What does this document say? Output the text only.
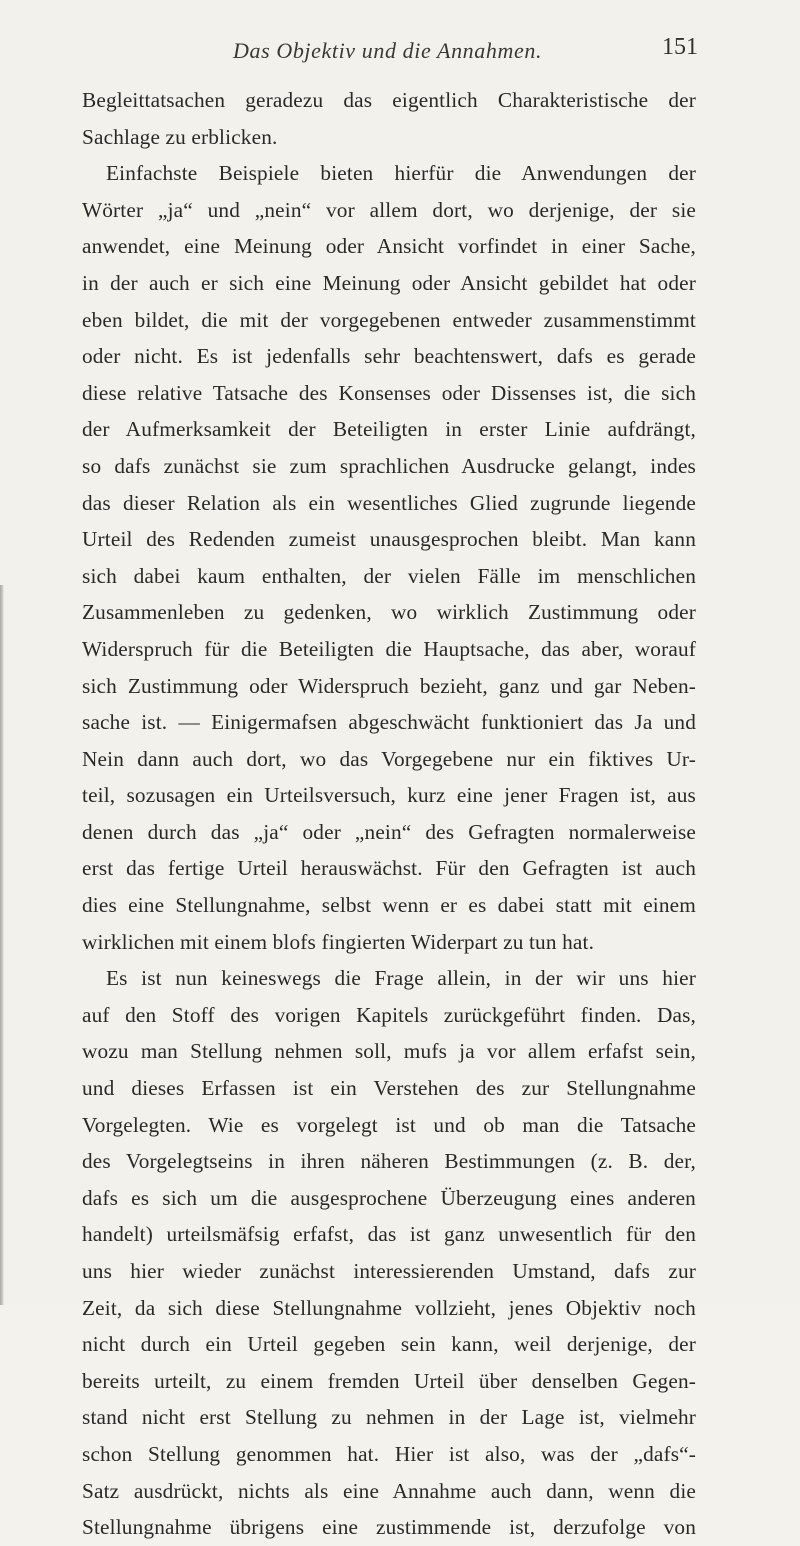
Das Objektiv und die Annahmen.	151
Begleittatsachen geradezu das eigentlich Charakteristische der
Sachlage zu erblicken.
Einfachste Beispiele bieten hierfür die Anwendungen der
Wörter „ja“ und „nein“ vor allem dort, wo derjenige, der sie
anwendet, eine Meinung oder Ansicht vorfindet in einer Sache,
in der auch er sich eine Meinung oder Ansicht gebildet hat oder
eben bildet, die mit der vorgegebenen entweder zusammenstimmt
oder nicht. Es ist jedenfalls sehr beachtenswert, dafs es gerade
diese relative Tatsache des Konsenses oder Dissenses ist, die sich
der Aufmerksamkeit der Beteiligten in erster Linie aufdrängt,
so dafs zunächst sie zum sprachlichen Ausdrucke gelangt, indes
das dieser Relation als ein wesentliches Glied zugrunde liegende
Urteil des Redenden zumeist unausgesprochen bleibt. Man kann
sich dabei kaum enthalten, der vielen Fälle im menschlichen
Zusammenleben zu gedenken, wo wirklich Zustimmung oder
Widerspruch für die Beteiligten die Hauptsache, das aber, worauf
sich Zustimmung oder Widerspruch bezieht, ganz und gar Neben-
sache ist. — Einigermafsen abgeschwächt funktioniert das Ja und
Nein dann auch dort, wo das Vorgegebene nur ein fiktives Ur-
teil, sozusagen ein Urteilsversuch, kurz eine jener Fragen ist, aus
denen durch das „ja“ oder „nein“ des Gefragten normalerweise
erst das fertige Urteil herauswächst. Für den Gefragten ist auch
dies eine Stellungnahme, selbst wenn er es dabei statt mit einem
wirklichen mit einem blofs fingierten Widerpart zu tun hat.
Es ist nun keineswegs die Frage allein, in der wir uns hier
auf den Stoff des vorigen Kapitels zurückgeführt finden. Das,
wozu man Stellung nehmen soll, mufs ja vor allem erfafst sein,
und dieses Erfassen ist ein Verstehen des zur Stellungnahme
Vorgelegten. Wie es vorgelegt ist und ob man die Tatsache
des Vorgelegtseins in ihren näheren Bestimmungen (z. B. der,
dafs es sich um die ausgesprochene Überzeugung eines anderen
handelt) urteilsmäfsig erfafst, das ist ganz unwesentlich für den
uns hier wieder zunächst interessierenden Umstand, dafs zur
Zeit, da sich diese Stellungnahme vollzieht, jenes Objektiv noch
nicht durch ein Urteil gegeben sein kann, weil derjenige, der
bereits urteilt, zu einem fremden Urteil über denselben Gegen-
stand nicht erst Stellung zu nehmen in der Lage ist, vielmehr
schon Stellung genommen hat. Hier ist also, was der „dafs“-
Satz ausdrückt, nichts als eine Annahme auch dann, wenn die
Stellungnahme übrigens eine zustimmende ist, derzufolge von
